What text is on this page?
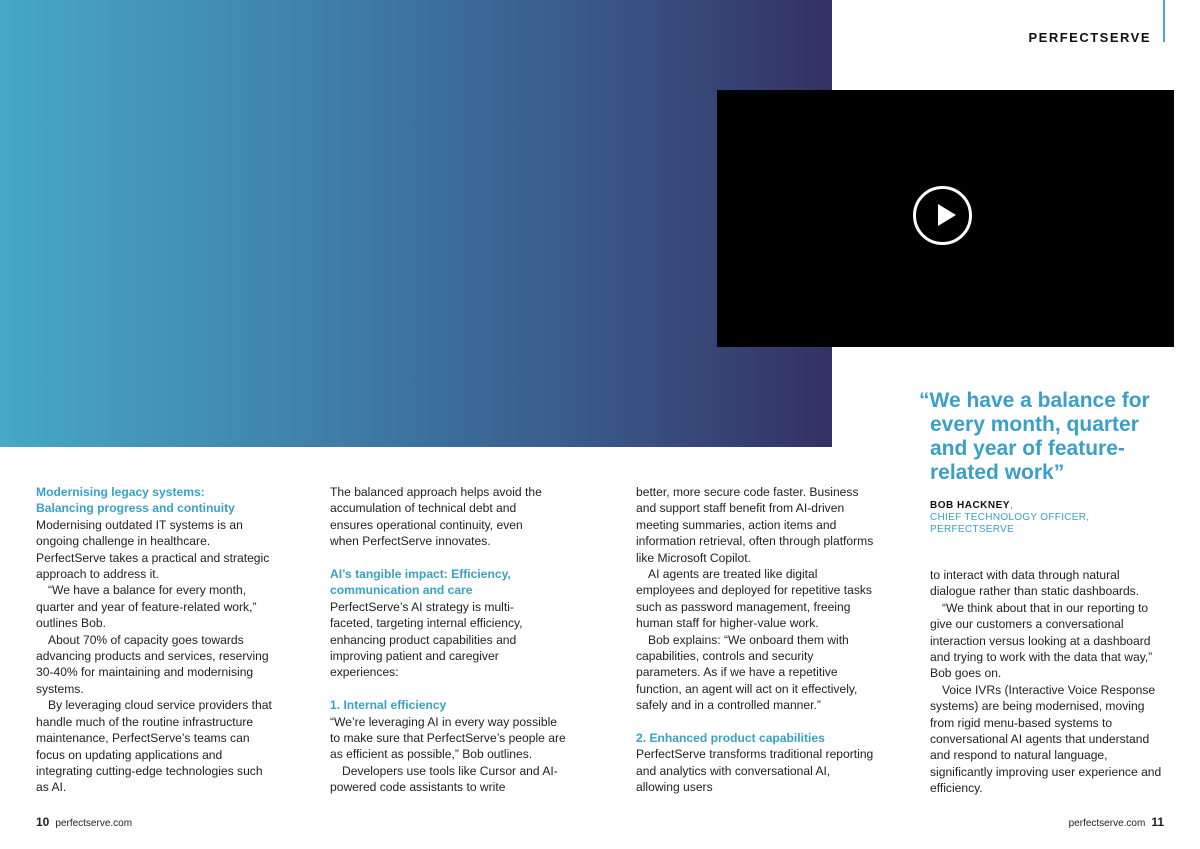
PERFECTSERVE

Modernising legacy systems:

Balancing progress and continuity

Modernising outdated IT systems is an ongoing challenge in healthcare. PerfectServe takes a practical and strategic approach to address it.

“We have a balance for every month, quarter and year of feature-related work,” outlines Bob.

About 70% of capacity goes towards advancing products and services, reserving 30-40% for maintaining and modernising systems.

By leveraging cloud service providers that handle much of the routine infrastructure maintenance, PerfectServe’s teams can focus on updating applications and integrating cutting-edge technologies such as AI.

The balanced approach helps avoid the accumulation of technical debt and ensures operational continuity, even when PerfectServe innovates.

AI’s tangible impact: Efficiency,

communication and care

PerfectServe’s AI strategy is multi-faceted, targeting internal efficiency, enhancing product capabilities and improving patient and caregiver experiences:

1. Internal efficiency

“We’re leveraging AI in every way possible to make sure that PerfectServe’s people are as efficient as possible,” Bob outlines.

Developers use tools like Cursor and AI-powered code assistants to write

better, more secure code faster. Business and support staff benefit from AI-driven meeting summaries, action items and information retrieval, often through platforms like Microsoft Copilot.

AI agents are treated like digital employees and deployed for repetitive tasks such as password management, freeing human staff for higher-value work.

Bob explains: “We onboard them with capabilities, controls and security parameters. As if we have a repetitive function, an agent will act on it effectively, safely and in a controlled manner.”

2. Enhanced product capabilities

PerfectServe transforms traditional reporting and analytics with conversational AI, allowing users

“We have a balance for
every month, quarter
and year of feature-
related work”
BOB HACKNEY,
CHIEF TECHNOLOGY OFFICER,
PERFECTSERVE

to interact with data through natural dialogue rather than static dashboards.

“We think about that in our reporting to give our customers a conversational interaction versus looking at a dashboard and trying to work with the data that way,” Bob goes on.

Voice IVRs (Interactive Voice Response systems) are being modernised, moving from rigid menu-based systems to conversational AI agents that understand and respond to natural language, significantly improving user experience and efficiency.

10 perfectserve.com	perfectserve.com 11
